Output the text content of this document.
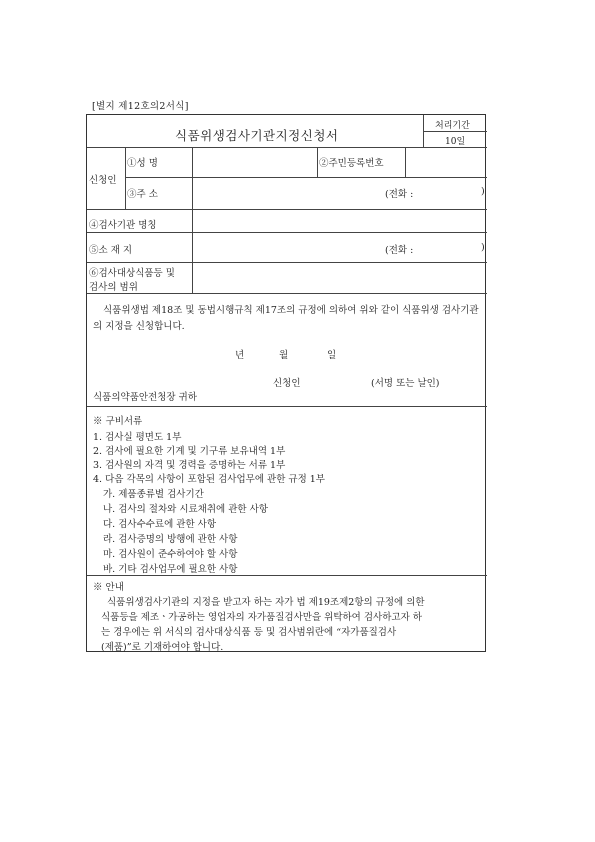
[별지 제12호의2서식]
식품위생검사기관지정신청서
처리기간
10일
신청인
①성 명	②주민등록번호
③주 소	(전화 :	)
④검사기관 명칭
⑤소 재 지	(전화 :	)
⑥검사대상식품등 및
검사의 범위
식품위생법 제18조 및 동법시행규칙 제17조의 규정에 의하여 위와 같이 식품위생 검사기관의 지정을 신청합니다.
년	월	일
신청인	(서명 또는 날인)
식품의약품안전청장 귀하
※ 구비서류
1. 검사실 평면도 1부
2. 검사에 필요한 기계 및 기구류 보유내역 1부
3. 검사원의 자격 및 경력을 증명하는 서류 1부
4. 다음 각목의 사항이 포함된 검사업무에 관한 규정 1부
가. 제품종류별 검사기간
나. 검사의 절차와 시료채취에 관한 사항
다. 검사수수료에 관한 사항
라. 검사증명의 방행에 관한 사항
마. 검사원이 준수하여야 할 사항
바. 기타 검사업무에 필요한 사항
※ 안내
식품위생검사기관의 지정을 받고자 하는 자가 법 제19조제2항의 규정에 의한
식품등을 제조ㆍ가공하는 영업자의 자가품질검사만을 위탁하여 검사하고자 하
는 경우에는 위 서식의 검사대상식품 등 및 검사범위란에 “자가품질검사
(제품)”로 기재하여야 합니다.
